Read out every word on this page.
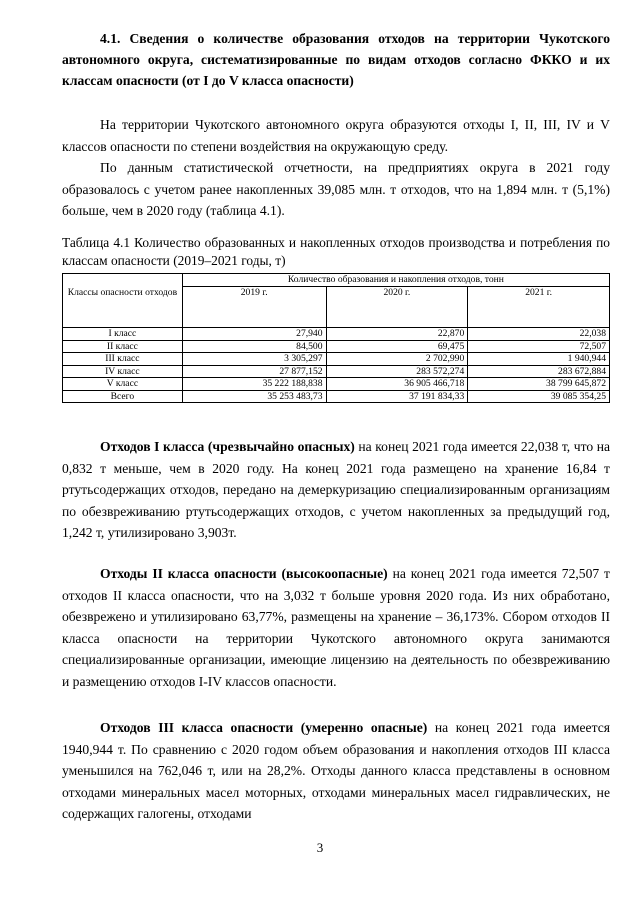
4.1. Сведения о количестве образования отходов на территории Чукотского автономного округа, систематизированные по видам отходов согласно ФККО и их классам опасности (от I до V класса опасности)

На территории Чукотского автономного округа образуются отходы I, II, III, IV и V классов опасности по степени воздействия на окружающую среду.

По данным статистической отчетности, на предприятиях округа в 2021 году образовалось с учетом ранее накопленных 39,085 млн. т отходов, что на 1,894 млн. т (5,1%) больше, чем в 2020 году (таблица 4.1).

Таблица 4.1 Количество образованных и накопленных отходов производства и потребления по классам опасности (2019–2021 годы, т)

Классы опасности отходов	Количество образования и накопления отходов, тонн		
	2019 г.	2020 г.	2021 г.
I класс	27,940	22,870	22,038
II класс	84,500	69,475	72,507
III класс	3 305,297	2 702,990	1 940,944
IV класс	27 877,152	283 572,274	283 672,884
V класс	35 222 188,838	36 905 466,718	38 799 645,872
Всего	35 253 483,73	37 191 834,33	39 085 354,25

Отходов I класса (чрезвычайно опасных) на конец 2021 года имеется 22,038 т, что на 0,832 т меньше, чем в 2020 году. На конец 2021 года размещено на хранение 16,84 т ртутьсодержащих отходов, передано на демеркуризацию специализированным организациям по обезвреживанию ртутьсодержащих отходов, с учетом накопленных за предыдущий год, 1,242 т, утилизировано 3,903т.

Отходы II класса опасности (высокоопасные) на конец 2021 года имеется 72,507 т отходов II класса опасности, что на 3,032 т больше уровня 2020 года. Из них обработано, обезврежено и утилизировано 63,77%, размещены на хранение – 36,173%. Сбором отходов II класса опасности на территории Чукотского автономного округа занимаются специализированные организации, имеющие лицензию на деятельность по обезвреживанию и размещению отходов I-IV классов опасности.

Отходов III класса опасности (умеренно опасные) на конец 2021 года имеется 1940,944 т. По сравнению с 2020 годом объем образования и накопления отходов III класса уменьшился на 762,046 т, или на 28,2%. Отходы данного класса представлены в основном отходами минеральных масел моторных, отходами минеральных масел гидравлических, не содержащих галогены, отходами

3
